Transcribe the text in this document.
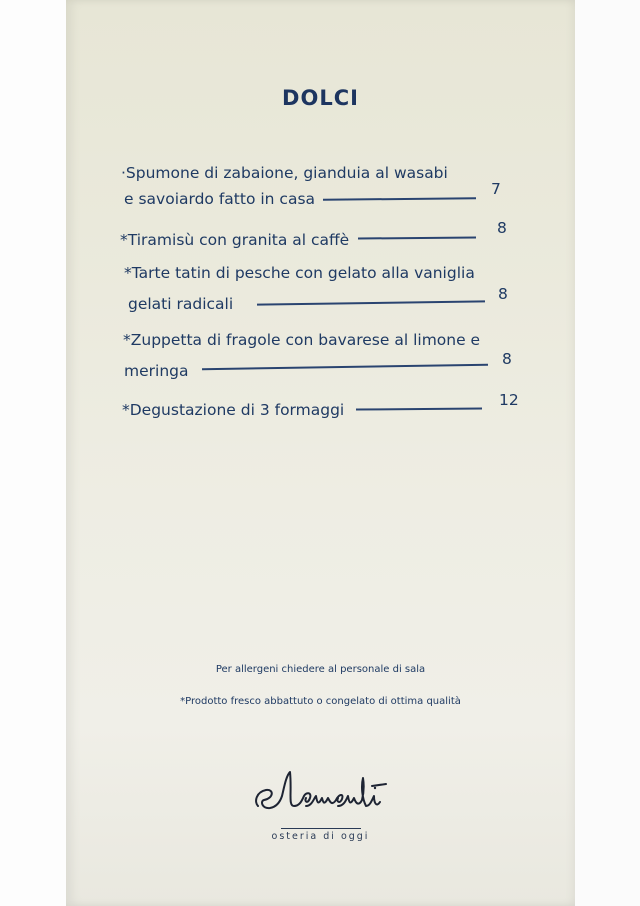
DOLCI
·Spumone di zabaione, gianduia al wasabi
e savoiardo fatto in casa
7
*Tiramisù con granita al caffè
8
*Tarte tatin di pesche con gelato alla vaniglia
gelati radicali
8
*Zuppetta di fragole con bavarese al limone e
meringa
8
*Degustazione di 3 formaggi
12
Per allergeni chiedere al personale di sala
*Prodotto fresco abbattuto o congelato di ottima qualità
osteria di oggi
